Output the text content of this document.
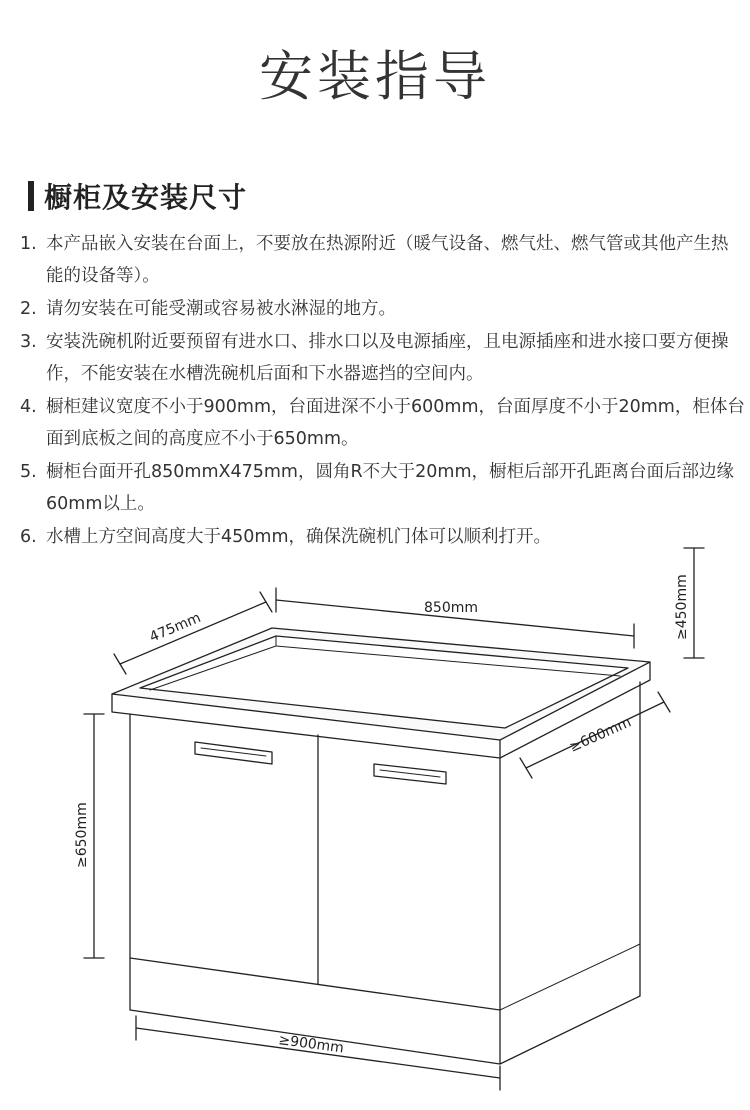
安装指导
橱柜及安装尺寸
1. 本产品嵌入安装在台面上，不要放在热源附近（暖气设备、燃气灶、燃气管或其他产生热能的设备等）。
2. 请勿安装在可能受潮或容易被水淋湿的地方。
3. 安装洗碗机附近要预留有进水口、排水口以及电源插座，且电源插座和进水接口要方便操作，不能安装在水槽洗碗机后面和下水器遮挡的空间内。
4. 橱柜建议宽度不小于900mm，台面进深不小于600mm，台面厚度不小于20mm，柜体台面到底板之间的高度应不小于650mm。
5. 橱柜台面开孔850mmX475mm，圆角R不大于20mm，橱柜后部开孔距离台面后部边缘60mm以上。
6. 水槽上方空间高度大于450mm，确保洗碗机门体可以顺利打开。
475mm
850mm	≥450mm
≥600mm
≥650mm
≥900mm
